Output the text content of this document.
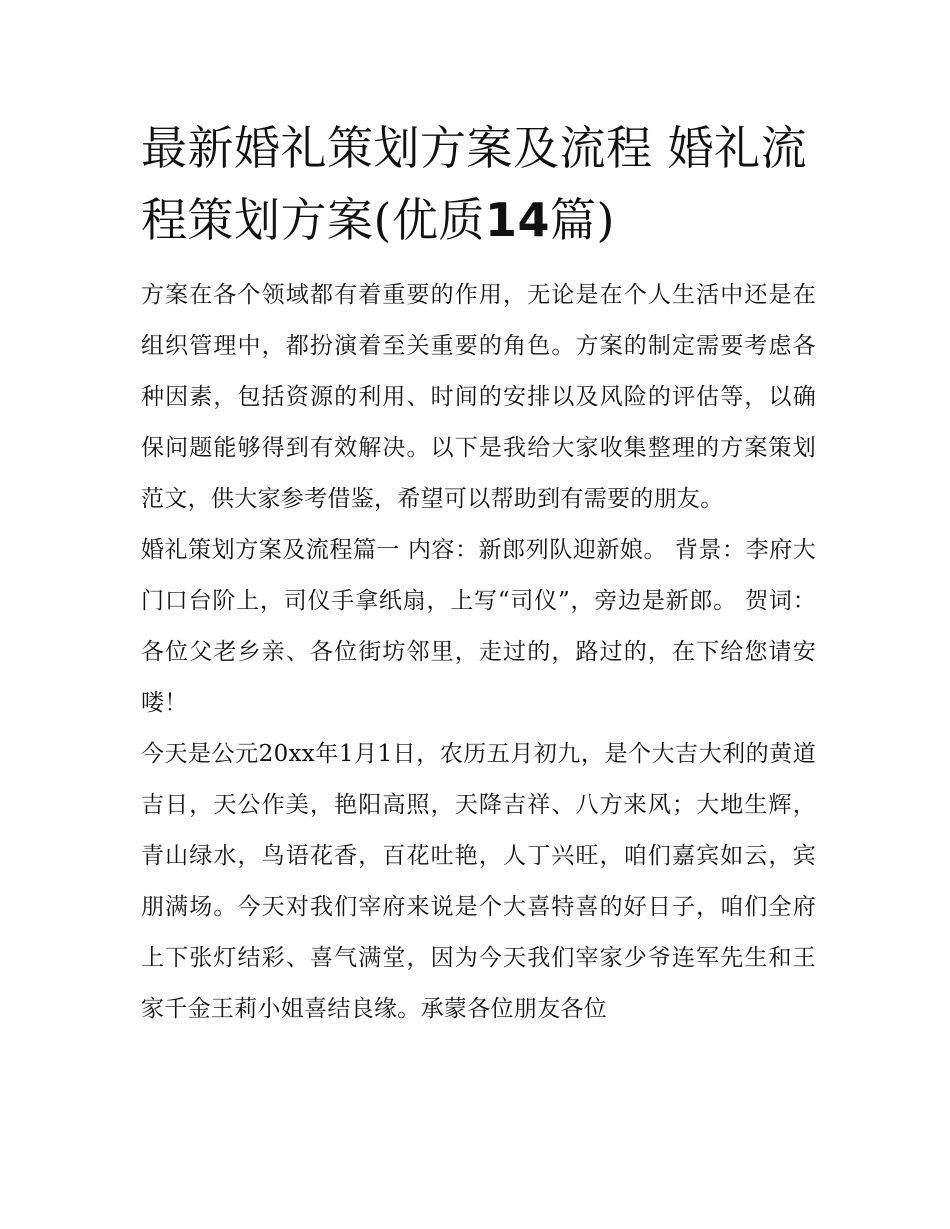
最新婚礼策划方案及流程 婚礼流程策划方案(优质14篇)

方案在各个领域都有着重要的作用，无论是在个人生活中还是在组织管理中，都扮演着至关重要的角色。方案的制定需要考虑各种因素，包括资源的利用、时间的安排以及风险的评估等，以确保问题能够得到有效解决。以下是我给大家收集整理的方案策划范文，供大家参考借鉴，希望可以帮助到有需要的朋友。

婚礼策划方案及流程篇一 内容：新郎列队迎新娘。 背景：李府大门口台阶上，司仪手拿纸扇，上写“司仪”，旁边是新郎。 贺词：各位父老乡亲、各位街坊邻里，走过的，路过的，在下给您请安喽！

今天是公元20xx年1月1日，农历五月初九，是个大吉大利的黄道吉日，天公作美，艳阳高照，天降吉祥、八方来风；大地生辉，青山绿水，鸟语花香，百花吐艳，人丁兴旺，咱们嘉宾如云，宾朋满场。今天对我们宰府来说是个大喜特喜的好日子，咱们全府上下张灯结彩、喜气满堂，因为今天我们宰家少爷连军先生和王家千金王莉小姐喜结良缘。承蒙各位朋友各位
